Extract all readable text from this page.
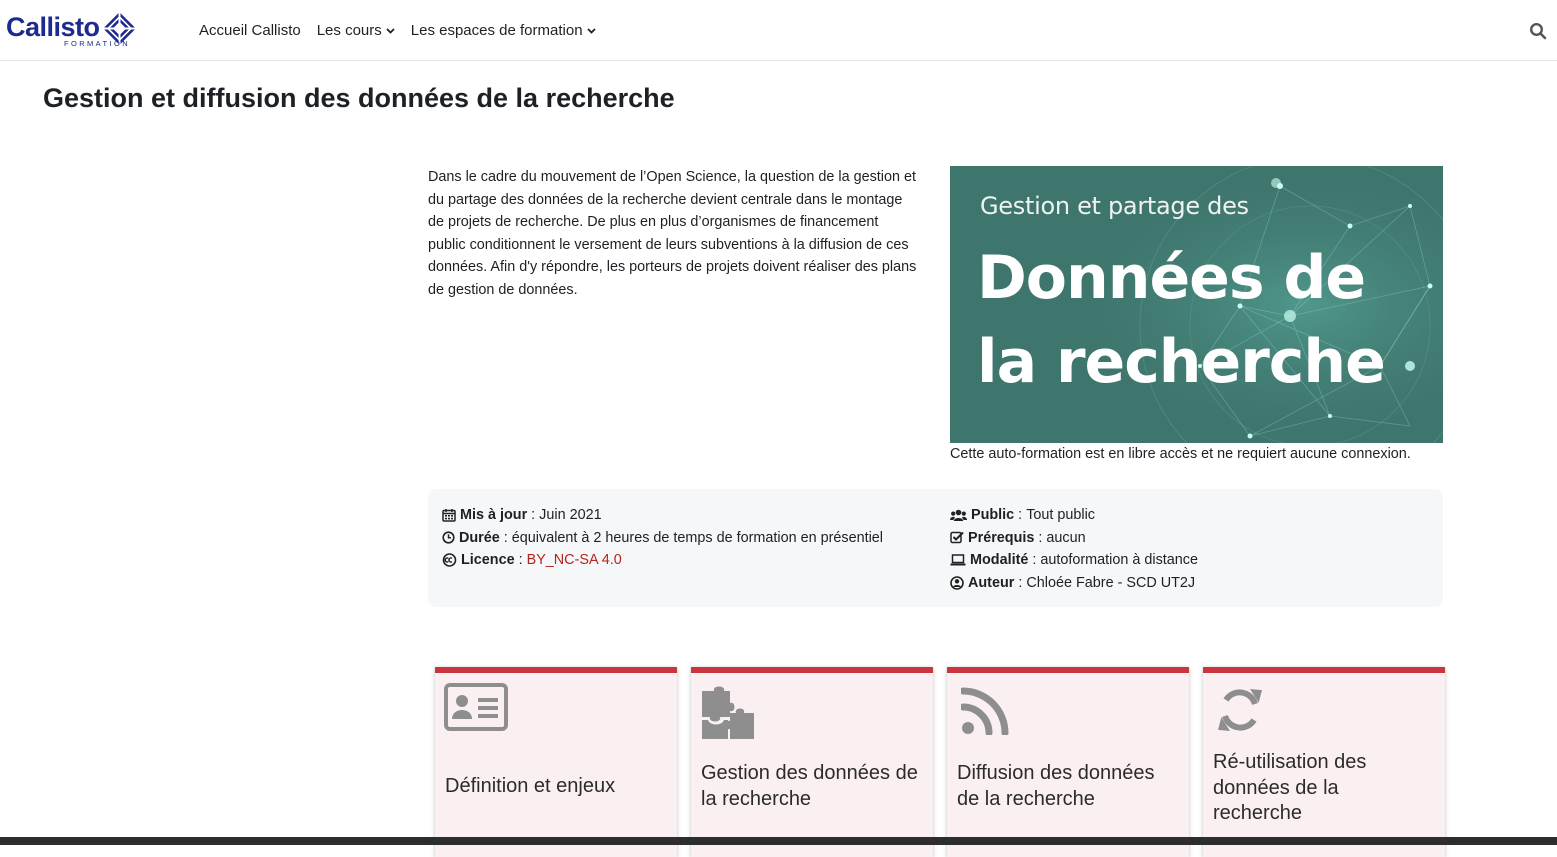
Callisto
FORMATION
Accueil Callisto Les cours Les espaces de formation
Gestion et diffusion des données de la recherche
Dans le cadre du mouvement de l’Open Science, la question de la gestion et du partage des données de la recherche devient centrale dans le montage de projets de recherche. De plus en plus d’organismes de financement public conditionnent le versement de leurs subventions à la diffusion de ces données. Afin d'y répondre, les porteurs de projets doivent réaliser des plans de gestion de données.
Gestion et partage des
Données de
la recherche
Cette auto-formation est en libre accès et ne requiert aucune connexion.
Mis à jour : Juin 2021
Durée : équivalent à 2 heures de temps de formation en présentiel
Licence : BY_NC-SA 4.0
Public : Tout public
Prérequis : aucun
Modalité : autoformation à distance
Auteur : Chloée Fabre - SCD UT2J
Définition et enjeux
Gestion des données de la recherche
Diffusion des données de la recherche
Ré-utilisation des données de la recherche
